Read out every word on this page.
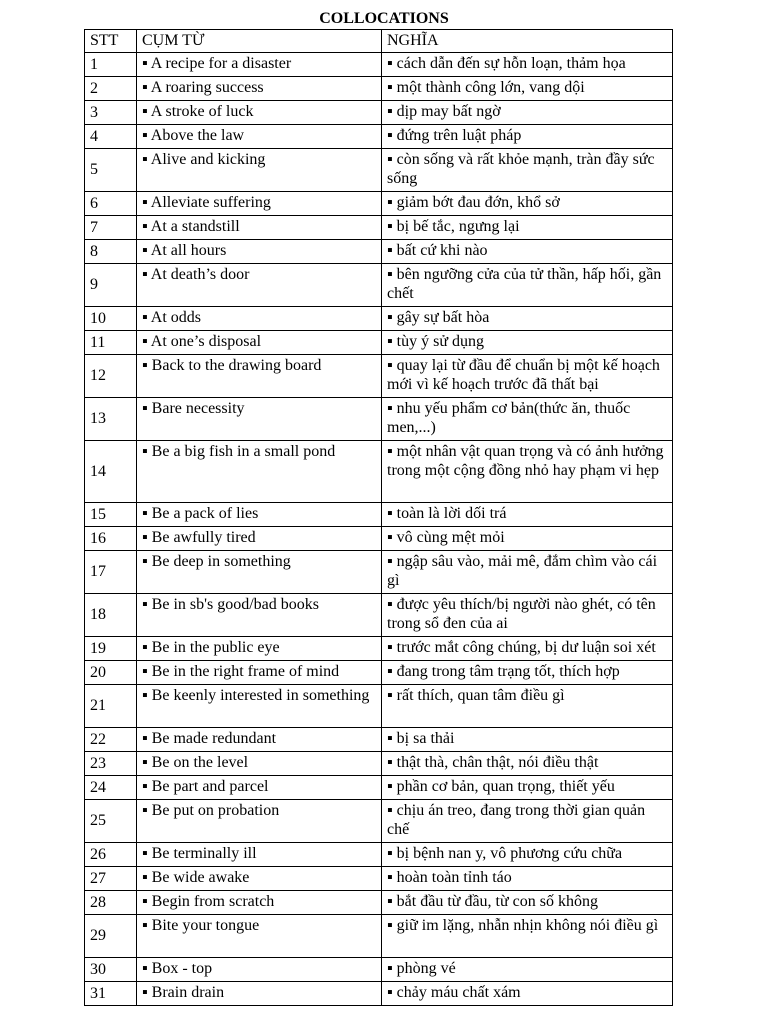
COLLOCATIONS
STT	CỤM TỪ	NGHĨA
1	▪ A recipe for a disaster	▪ cách dẫn đến sự hỗn loạn, thảm họa
2	▪ A roaring success	▪ một thành công lớn, vang dội
3	▪ A stroke of luck	▪ dịp may bất ngờ
4	▪ Above the law	▪ đứng trên luật pháp
5	▪ Alive and kicking	▪ còn sống và rất khỏe mạnh, tràn đầy sức sống
6	▪ Alleviate suffering	▪ giảm bớt đau đớn, khổ sở
7	▪ At a standstill	▪ bị bế tắc, ngưng lại
8	▪ At all hours	▪ bất cứ khi nào
9	▪ At death’s door	▪ bên ngưỡng cửa của tử thần, hấp hối, gần chết
10	▪ At odds	▪ gây sự bất hòa
11	▪ At one’s disposal	▪ tùy ý sử dụng
12	▪ Back to the drawing board	▪ quay lại từ đầu để chuẩn bị một kế hoạch mới vì kế hoạch trước đã thất bại
13	▪ Bare necessity	▪ nhu yếu phẩm cơ bản(thức ăn, thuốc men,...)
14	▪ Be a big fish in a small pond	▪ một nhân vật quan trọng và có ảnh hưởng trong một cộng đồng nhỏ hay phạm vi hẹp
15	▪ Be a pack of lies	▪ toàn là lời dối trá
16	▪ Be awfully tired	▪ vô cùng mệt mỏi
17	▪ Be deep in something	▪ ngập sâu vào, mải mê, đắm chìm vào cái gì
18	▪ Be in sb's good/bad books	▪ được yêu thích/bị người nào ghét, có tên trong sổ đen của ai
19	▪ Be in the public eye	▪ trước mắt công chúng, bị dư luận soi xét
20	▪ Be in the right frame of mind	▪ đang trong tâm trạng tốt, thích hợp
21	▪ Be keenly interested in something	▪ rất thích, quan tâm điều gì
22	▪ Be made redundant	▪ bị sa thải
23	▪ Be on the level	▪ thật thà, chân thật, nói điều thật
24	▪ Be part and parcel	▪ phần cơ bản, quan trọng, thiết yếu
25	▪ Be put on probation	▪ chịu án treo, đang trong thời gian quản chế
26	▪ Be terminally ill	▪ bị bệnh nan y, vô phương cứu chữa
27	▪ Be wide awake	▪ hoàn toàn tỉnh táo
28	▪ Begin from scratch	▪ bắt đầu từ đầu, từ con số không
29	▪ Bite your tongue	▪ giữ im lặng, nhẫn nhịn không nói điều gì
30	▪ Box - top	▪ phòng vé
31	▪ Brain drain	▪ chảy máu chất xám
